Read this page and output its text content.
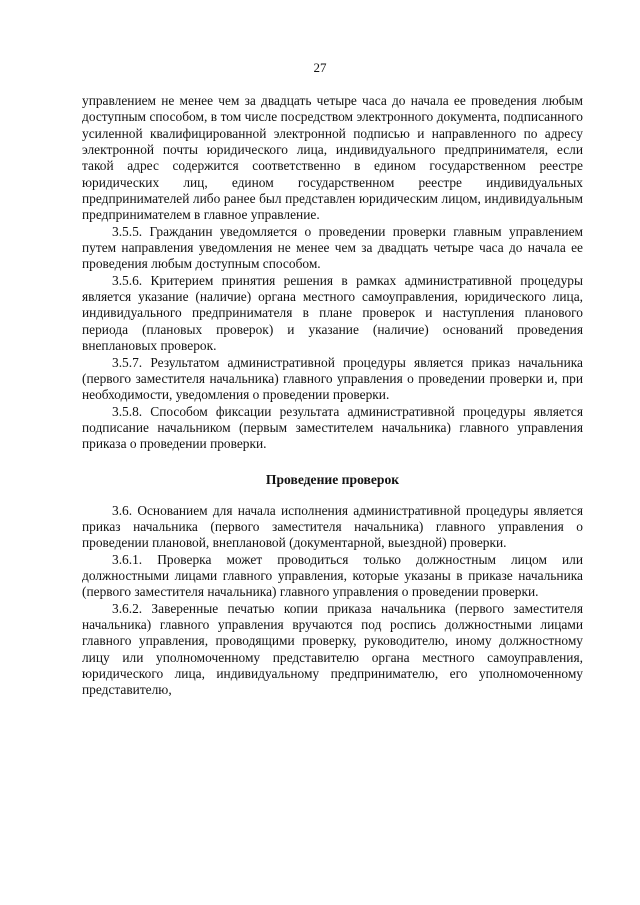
27

управлением не менее чем за двадцать четыре часа до начала ее проведения любым доступным способом, в том числе посредством электронного документа, подписанного усиленной квалифицированной электронной подписью и направленного по адресу электронной почты юридического лица, индивидуального предпринимателя, если такой адрес содержится соответственно в едином государственном реестре юридических лиц, едином государственном реестре индивидуальных предпринимателей либо ранее был представлен юридическим лицом, индивидуальным предпринимателем в главное управление.

3.5.5. Гражданин уведомляется о проведении проверки главным управлением путем направления уведомления не менее чем за двадцать четыре часа до начала ее проведения любым доступным способом.

3.5.6. Критерием принятия решения в рамках административной процедуры является указание (наличие) органа местного самоуправления, юридического лица, индивидуального предпринимателя в плане проверок и наступления планового периода (плановых проверок) и указание (наличие) оснований проведения внеплановых проверок.

3.5.7. Результатом административной процедуры является приказ начальника (первого заместителя начальника) главного управления о проведении проверки и, при необходимости, уведомления о проведении проверки.

3.5.8. Способом фиксации результата административной процедуры является подписание начальником (первым заместителем начальника) главного управления приказа о проведении проверки.

Проведение проверок

3.6. Основанием для начала исполнения административной процедуры является приказ начальника (первого заместителя начальника) главного управления о проведении плановой, внеплановой (документарной, выездной) проверки.

3.6.1. Проверка может проводиться только должностным лицом или должностными лицами главного управления, которые указаны в приказе начальника (первого заместителя начальника) главного управления о проведении проверки.

3.6.2. Заверенные печатью копии приказа начальника (первого заместителя начальника) главного управления вручаются под роспись должностными лицами главного управления, проводящими проверку, руководителю, иному должностному лицу или уполномоченному представителю органа местного самоуправления, юридического лица, индивидуальному предпринимателю, его уполномоченному представителю,
